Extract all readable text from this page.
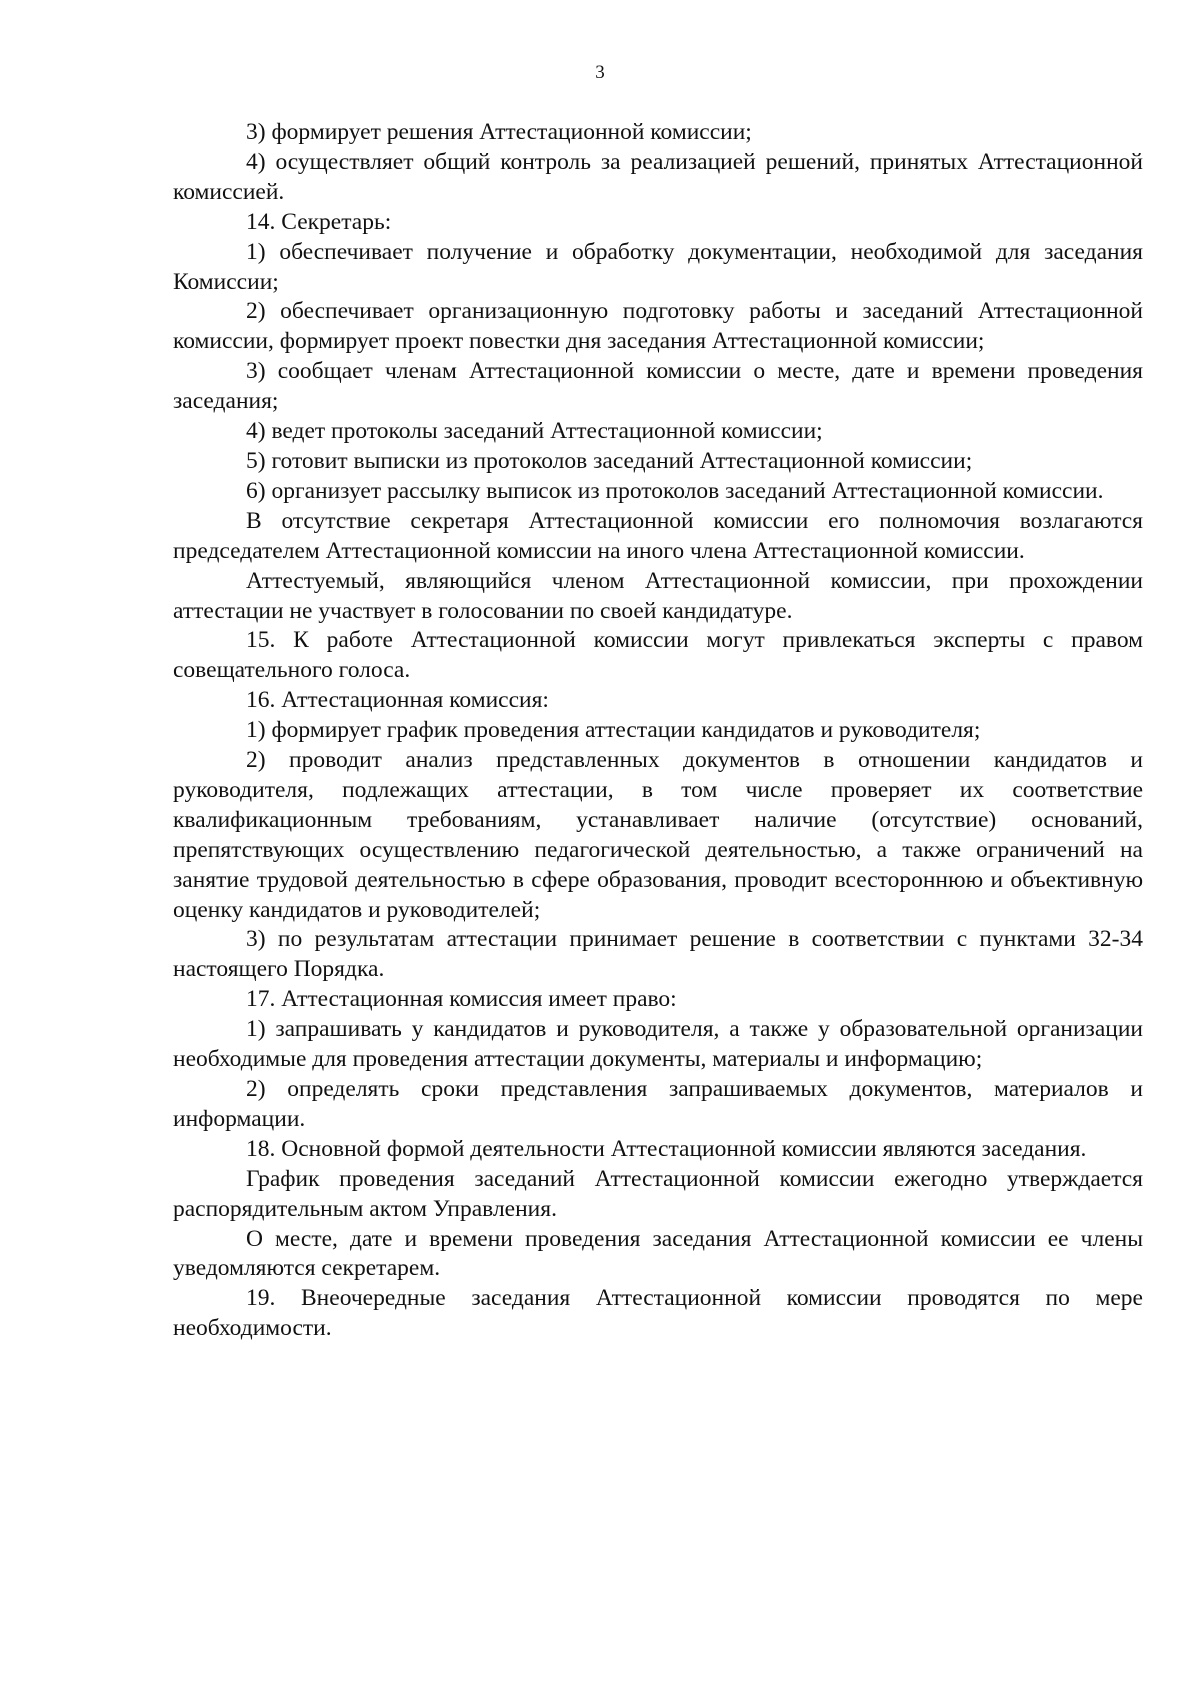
3

3) формирует решения Аттестационной комиссии;

4) осуществляет общий контроль за реализацией решений, принятых Аттестационной комиссией.

14. Секретарь:

1) обеспечивает получение и обработку документации, необходимой для заседания Комиссии;

2) обеспечивает организационную подготовку работы и заседаний Аттестационной комиссии, формирует проект повестки дня заседания Аттестационной комиссии;

3) сообщает членам Аттестационной комиссии о месте, дате и времени проведения заседания;

4) ведет протоколы заседаний Аттестационной комиссии;

5) готовит выписки из протоколов заседаний Аттестационной комиссии;

6) организует рассылку выписок из протоколов заседаний Аттестационной комиссии.

В отсутствие секретаря Аттестационной комиссии его полномочия возлагаются председателем Аттестационной комиссии на иного члена Аттестационной комиссии.

Аттестуемый, являющийся членом Аттестационной комиссии, при прохождении аттестации не участвует в голосовании по своей кандидатуре.

15. К работе Аттестационной комиссии могут привлекаться эксперты с правом совещательного голоса.

16. Аттестационная комиссия:

1) формирует график проведения аттестации кандидатов и руководителя;

2) проводит анализ представленных документов в отношении кандидатов и руководителя, подлежащих аттестации, в том числе проверяет их соответствие квалификационным требованиям, устанавливает наличие (отсутствие) оснований, препятствующих осуществлению педагогической деятельностью, а также ограничений на занятие трудовой деятельностью в сфере образования, проводит всестороннюю и объективную оценку кандидатов и руководителей;

3) по результатам аттестации принимает решение в соответствии с пунктами 32-34 настоящего Порядка.

17. Аттестационная комиссия имеет право:

1) запрашивать у кандидатов и руководителя, а также у образовательной организации необходимые для проведения аттестации документы, материалы и информацию;

2) определять сроки представления запрашиваемых документов, материалов и информации.

18. Основной формой деятельности Аттестационной комиссии являются заседания.

График проведения заседаний Аттестационной комиссии ежегодно утверждается распорядительным актом Управления.

О месте, дате и времени проведения заседания Аттестационной комиссии ее члены уведомляются секретарем.

19. Внеочередные заседания Аттестационной комиссии проводятся по мере необходимости.
